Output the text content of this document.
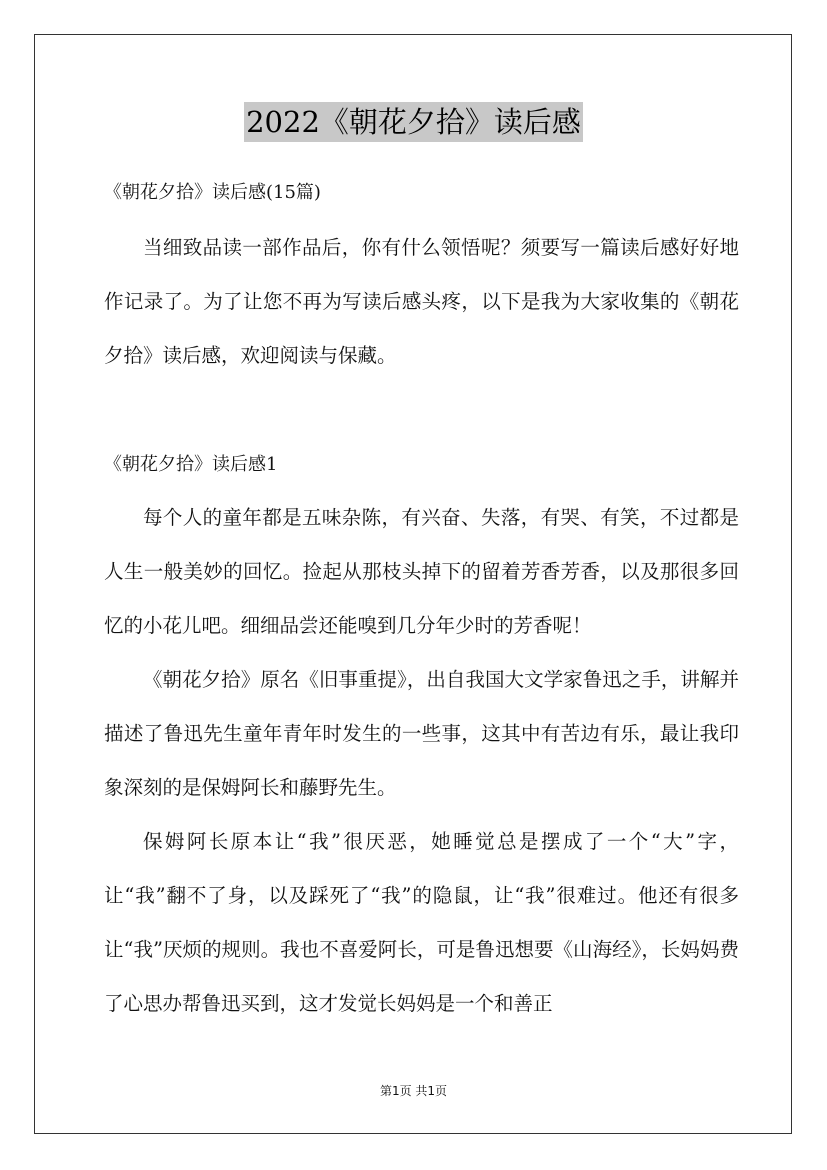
2022《朝花夕拾》读后感
《朝花夕拾》读后感(15篇)

当细致品读一部作品后，你有什么领悟呢？须要写一篇读后感好好地作记录了。为了让您不再为写读后感头疼，以下是我为大家收集的《朝花夕拾》读后感，欢迎阅读与保藏。

《朝花夕拾》读后感1

每个人的童年都是五味杂陈，有兴奋、失落，有哭、有笑，不过都是人生一般美妙的回忆。捡起从那枝头掉下的留着芳香芳香，以及那很多回忆的小花儿吧。细细品尝还能嗅到几分年少时的芳香呢！

《朝花夕拾》原名《旧事重提》，出自我国大文学家鲁迅之手，讲解并描述了鲁迅先生童年青年时发生的一些事，这其中有苦边有乐，最让我印象深刻的是保姆阿长和藤野先生。

保姆阿长原本让“我”很厌恶，她睡觉总是摆成了一个“大”字，让“我”翻不了身，以及踩死了“我”的隐鼠，让“我”很难过。他还有很多让“我”厌烦的规则。我也不喜爱阿长，可是鲁迅想要《山海经》，长妈妈费了心思办帮鲁迅买到，这才发觉长妈妈是一个和善正

第1页 共1页
